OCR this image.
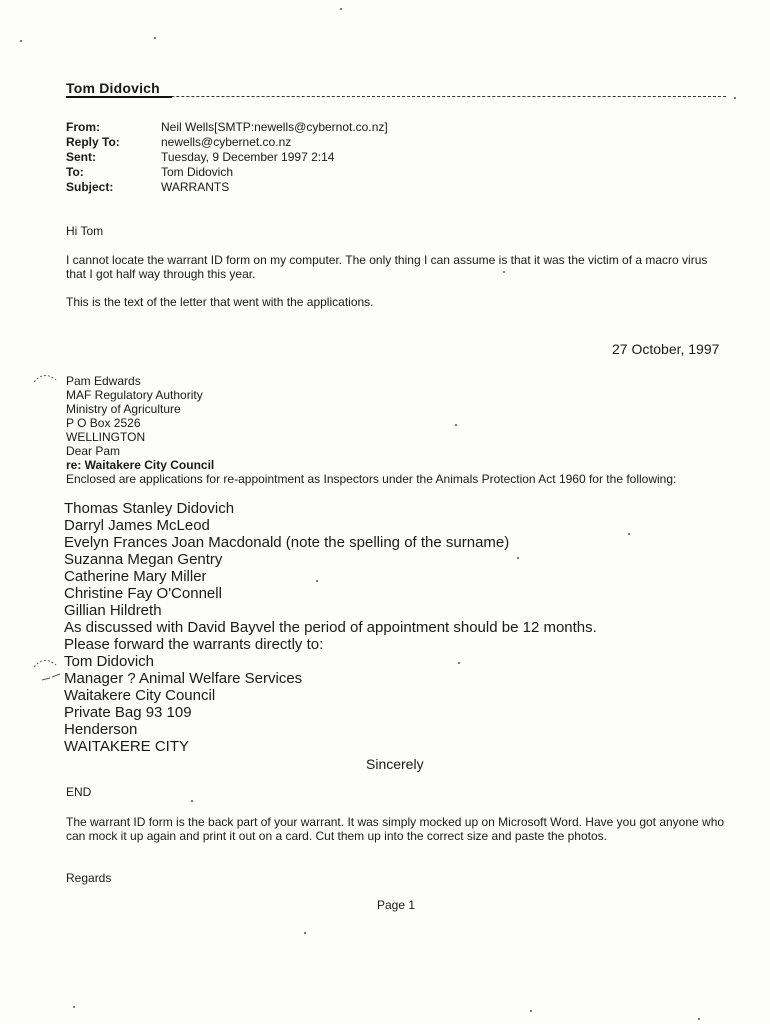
Tom Didovich
From:	Neil Wells[SMTP:newells@cybernot.co.nz]
Reply To:	newells@cybernet.co.nz
Sent:	Tuesday, 9 December 1997 2:14
To:	Tom Didovich
Subject:	WARRANTS
Hi Tom
I cannot locate the warrant ID form on my computer. The only thing I can assume is that it was the victim of a macro virus that I got half way through this year.
This is the text of the letter that went with the applications.
27 October, 1997
Pam Edwards
MAF Regulatory Authority
Ministry of Agriculture
P O Box 2526
WELLINGTON
Dear Pam
re: Waitakere City Council
Enclosed are applications for re-appointment as Inspectors under the Animals Protection Act 1960 for the following:
Thomas Stanley Didovich
Darryl James McLeod
Evelyn Frances Joan Macdonald (note the spelling of the surname)
Suzanna Megan Gentry
Catherine Mary Miller
Christine Fay O'Connell
Gillian Hildreth
As discussed with David Bayvel the period of appointment should be 12 months.
Please forward the warrants directly to:
Tom Didovich
Manager ? Animal Welfare Services
Waitakere City Council
Private Bag 93 109
Henderson
WAITAKERE CITY
Sincerely
END
The warrant ID form is the back part of your warrant. It was simply mocked up on Microsoft Word. Have you got anyone who can mock it up again and print it out on a card. Cut them up into the correct size and paste the photos.
Regards
Page 1
